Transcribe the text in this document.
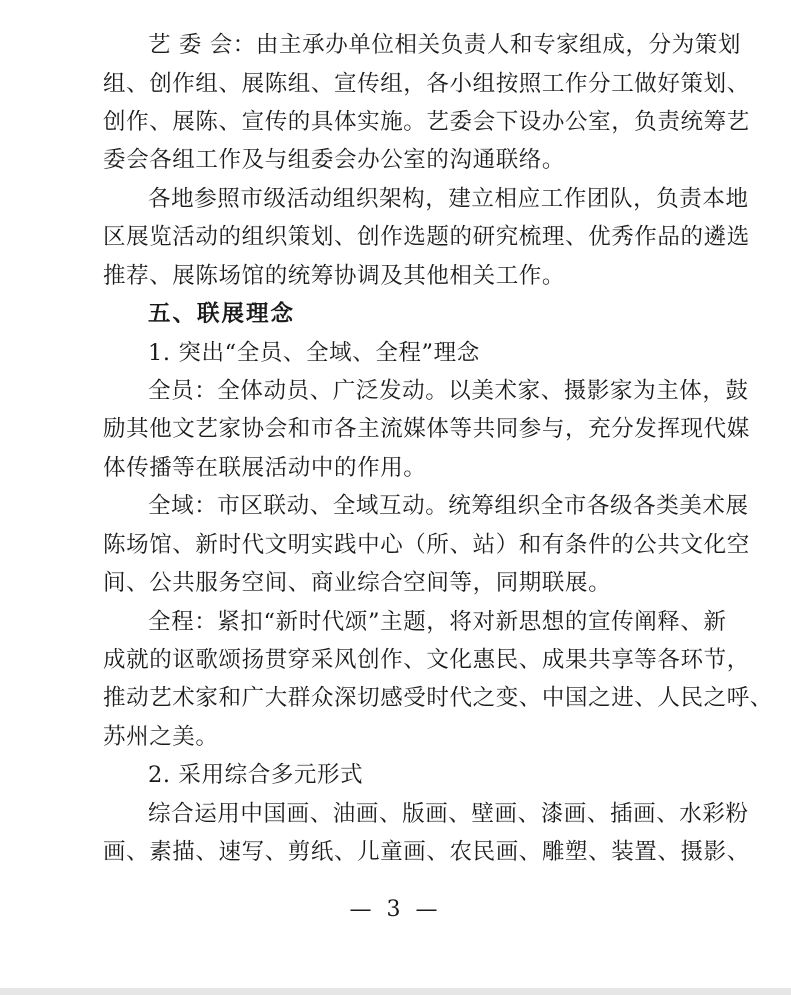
艺 委 会：由主承办单位相关负责人和专家组成，分为策划
组、创作组、展陈组、宣传组，各小组按照工作分工做好策划、
创作、展陈、宣传的具体实施。艺委会下设办公室，负责统筹艺
委会各组工作及与组委会办公室的沟通联络。
各地参照市级活动组织架构，建立相应工作团队，负责本地
区展览活动的组织策划、创作选题的研究梳理、优秀作品的遴选
推荐、展陈场馆的统筹协调及其他相关工作。
五、联展理念
1. 突出“全员、全域、全程”理念
全员：全体动员、广泛发动。以美术家、摄影家为主体，鼓
励其他文艺家协会和市各主流媒体等共同参与，充分发挥现代媒
体传播等在联展活动中的作用。
全域：市区联动、全域互动。统筹组织全市各级各类美术展
陈场馆、新时代文明实践中心（所、站）和有条件的公共文化空
间、公共服务空间、商业综合空间等，同期联展。
全程：紧扣“新时代颂”主题，将对新思想的宣传阐释、新
成就的讴歌颂扬贯穿采风创作、文化惠民、成果共享等各环节，
推动艺术家和广大群众深切感受时代之变、中国之进、人民之呼、
苏州之美。
2. 采用综合多元形式
综合运用中国画、油画、版画、壁画、漆画、插画、水彩粉
画、素描、速写、剪纸、儿童画、农民画、雕塑、装置、摄影、
— 3 —
